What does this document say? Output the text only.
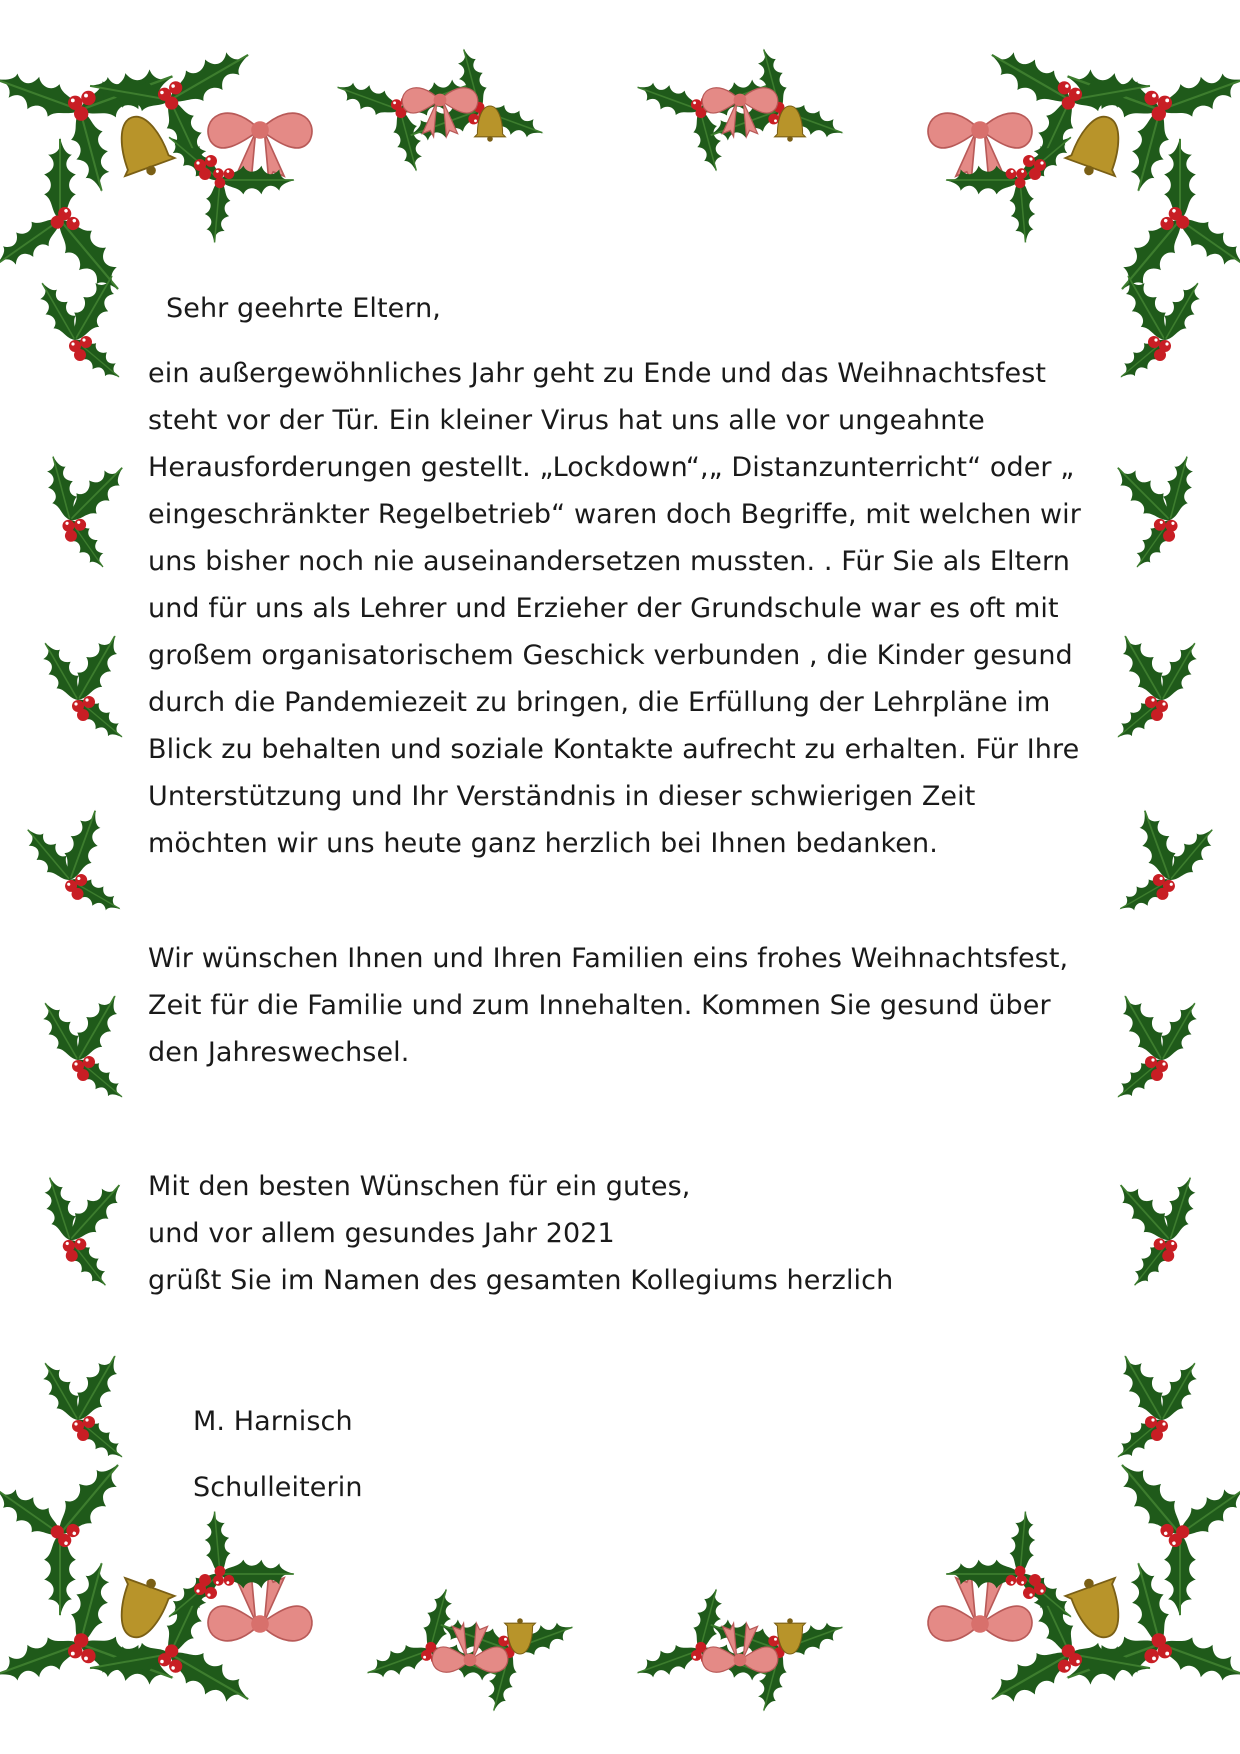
Sehr geehrte Eltern,

ein außergewöhnliches Jahr geht zu Ende und das Weihnachtsfest steht vor der Tür. Ein kleiner Virus hat uns alle vor ungeahnte Herausforderungen gestellt. „Lockdown“,„ Distanzunterricht“ oder „ eingeschränkter Regelbetrieb“ waren doch Begriffe, mit welchen wir uns bisher noch nie auseinandersetzen mussten. . Für Sie als Eltern und für uns als Lehrer und Erzieher der Grundschule war es oft mit großem organisatorischem Geschick verbunden , die Kinder gesund durch die Pandemiezeit zu bringen, die Erfüllung der Lehrpläne im Blick zu behalten und soziale Kontakte aufrecht zu erhalten. Für Ihre Unterstützung und Ihr Verständnis in dieser schwierigen Zeit möchten wir uns heute ganz herzlich bei Ihnen bedanken.

Wir wünschen Ihnen und Ihren Familien eins frohes Weihnachtsfest, Zeit für die Familie und zum Innehalten. Kommen Sie gesund über den Jahreswechsel.

Mit den besten Wünschen für ein gutes,
und vor allem gesundes Jahr 2021
grüßt Sie im Namen des gesamten Kollegiums herzlich
M. Harnisch
Schulleiterin
